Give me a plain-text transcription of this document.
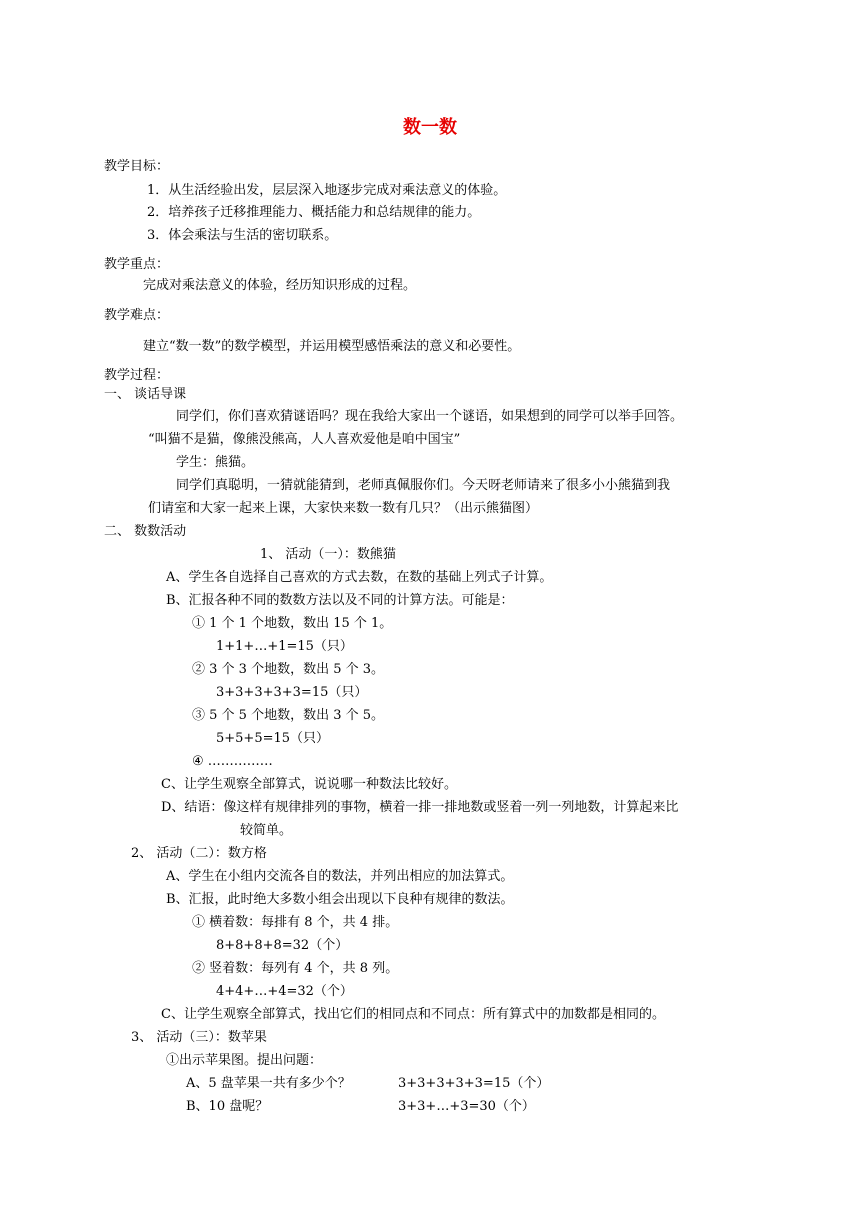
数一数
教学目标：
1．从生活经验出发，层层深入地逐步完成对乘法意义的体验。
2．培养孩子迁移推理能力、概括能力和总结规律的能力。
3．体会乘法与生活的密切联系。
教学重点：
完成对乘法意义的体验，经历知识形成的过程。
教学难点：
建立“数一数”的数学模型，并运用模型感悟乘法的意义和必要性。
教学过程：
一、 谈话导课
同学们，你们喜欢猜谜语吗？现在我给大家出一个谜语，如果想到的同学可以举手回答。
“叫猫不是猫，像熊没熊高，人人喜欢爱他是咱中国宝”
学生：熊猫。
同学们真聪明，一猜就能猜到，老师真佩服你们。今天呀老师请来了很多小小熊猫到我
们请室和大家一起来上课，大家快来数一数有几只？（出示熊猫图）
二、 数数活动
1、 活动（一）：数熊猫
A、学生各自选择自己喜欢的方式去数，在数的基础上列式子计算。
B、汇报各种不同的数数方法以及不同的计算方法。可能是：
① 1 个 1 个地数，数出 15 个 1。
1+1+…+1=15（只）
② 3 个 3 个地数，数出 5 个 3。
3+3+3+3+3=15（只）
③ 5 个 5 个地数，数出 3 个 5。
5+5+5=15（只）
④ ……………
C、让学生观察全部算式，说说哪一种数法比较好。
D、结语：像这样有规律排列的事物，横着一排一排地数或竖着一列一列地数，计算起来比
较简单。
2、 活动（二）：数方格
A、学生在小组内交流各自的数法，并列出相应的加法算式。
B、汇报，此时绝大多数小组会出现以下良种有规律的数法。
① 横着数：每排有 8 个，共 4 排。
8+8+8+8=32（个）
② 竖着数：每列有 4 个，共 8 列。
4+4+…+4=32（个）
C、让学生观察全部算式，找出它们的相同点和不同点：所有算式中的加数都是相同的。
3、 活动（三）：数苹果
①出示苹果图。提出问题：
A、5 盘苹果一共有多少个？	3+3+3+3+3=15（个）
B、10 盘呢？	3+3+…+3=30（个）
